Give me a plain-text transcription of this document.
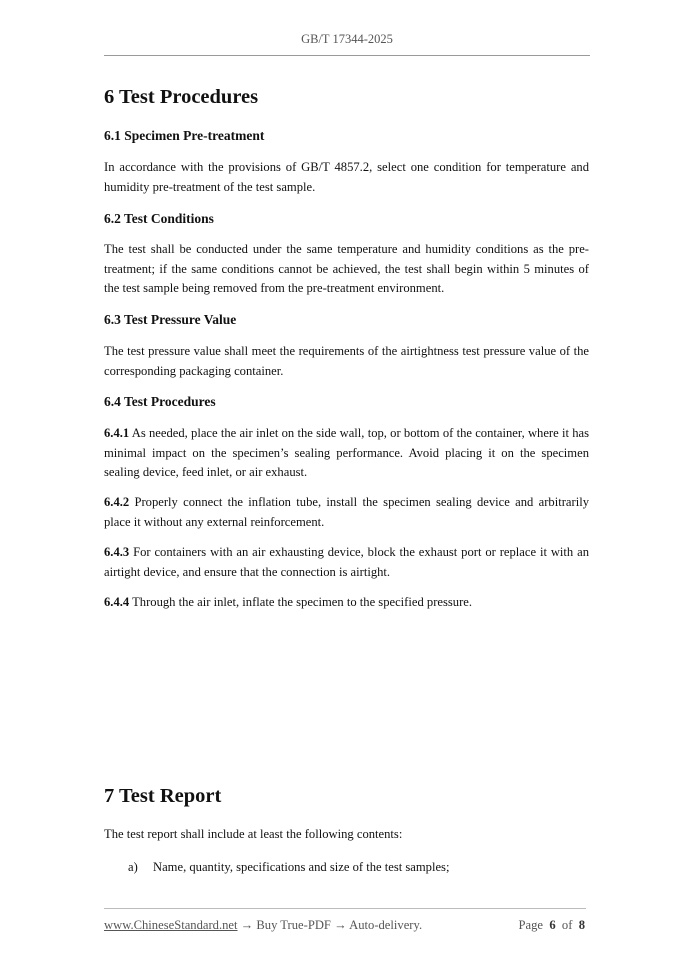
GB/T 17344-2025
6 Test Procedures
6.1 Specimen Pre-treatment

In accordance with the provisions of GB/T 4857.2, select one condition for temperature and humidity pre-treatment of the test sample.

6.2 Test Conditions

The test shall be conducted under the same temperature and humidity conditions as the pre-treatment; if the same conditions cannot be achieved, the test shall begin within 5 minutes of the test sample being removed from the pre-treatment environment.

6.3 Test Pressure Value

The test pressure value shall meet the requirements of the airtightness test pressure value of the corresponding packaging container.

6.4 Test Procedures

6.4.1 As needed, place the air inlet on the side wall, top, or bottom of the container, where it has minimal impact on the specimen’s sealing performance. Avoid placing it on the specimen sealing device, feed inlet, or air exhaust.

6.4.2 Properly connect the inflation tube, install the specimen sealing device and arbitrarily place it without any external reinforcement.

6.4.3 For containers with an air exhausting device, block the exhaust port or replace it with an airtight device, and ensure that the connection is airtight.

6.4.4 Through the air inlet, inflate the specimen to the specified pressure.

7 Test Report

The test report shall include at least the following contents:

a) Name, quantity, specifications and size of the test samples;
www.ChineseStandard.net → Buy True-PDF → Auto-delivery.	Page 6 of 8
